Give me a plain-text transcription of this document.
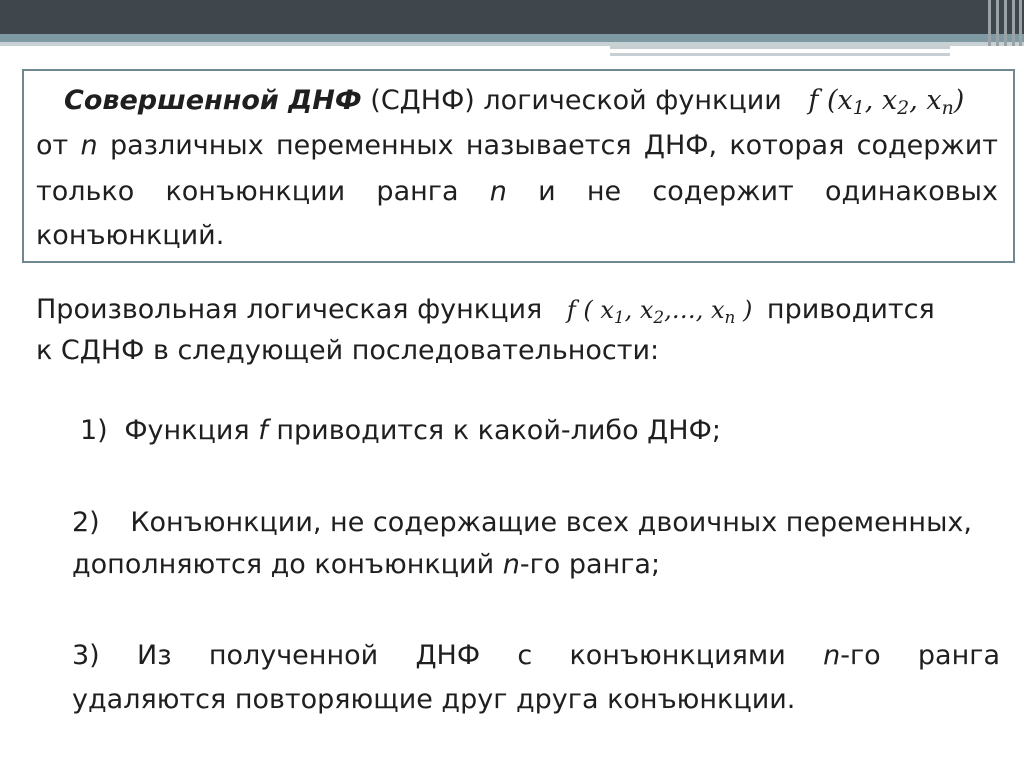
Совершенной ДНФ (СДНФ) логической функции f ($x_1$, $x_2$, $x_n$)
от n различных переменных называется ДНФ, которая содержит
только конъюнкции ранга n и не содержит одинаковых
конъюнкций.
Произвольная логическая функция f ( $x_1$, $x_2,\dots$, $x_n$ ) приводится
к СДНФ в следующей последовательности:
1) Функция f приводится к какой-либо ДНФ;
2) Конъюнкции, не содержащие всех двоичных переменных,
дополняются до конъюнкций n-го ранга;
3) Из полученной ДНФ с конъюнкциями n-го ранга
удаляются повторяющие друг друга конъюнкции.
